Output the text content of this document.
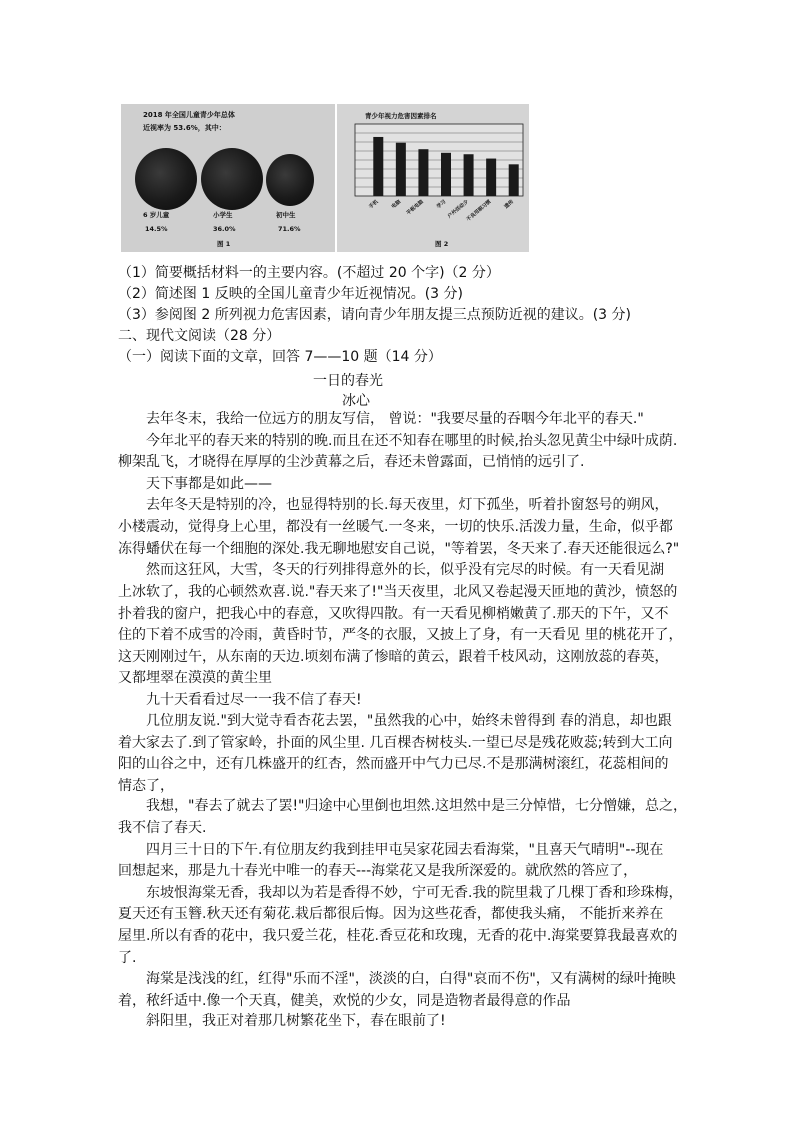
2018 年全国儿童青少年总体
近视率为 53.6%，其中：
6 岁儿童	小学生	初中生
14.5%	36.0%	71.6%
图 1
手机 电脑 平板电脑 学习 户外活动少
不良用眼习惯 遗传
青少年视力危害因素排名
图 2
（1）简要概括材料一的主要内容。(不超过 20 个字)（2 分）
（2）简述图 1 反映的全国儿童青少年近视情况。(3 分)
（3）参阅图 2 所列视力危害因素，请向青少年朋友提三点预防近视的建议。(3 分)
二、现代文阅读（28 分）
（一）阅读下面的文章，回答 7——10 题（14 分）
一日的春光
冰心
去年冬末，我给一位远方的朋友写信， 曾说："我要尽量的吞咽今年北平的春天."
今年北平的春天来的特别的晚.而且在还不知春在哪里的时候,抬头忽见黄尘中绿叶成荫.
柳架乱飞，才晓得在厚厚的尘沙黄幕之后，春还未曾露面，已悄悄的远引了.
天下事都是如此——
去年冬天是特别的冷，也显得特别的长.每天夜里，灯下孤坐，听着扑窗怒号的朔风，
小楼震动，觉得身上心里，都没有一丝暖气.一冬来，一切的快乐.活泼力量，生命，似乎都
冻得蟠伏在每一个细胞的深处.我无聊地慰安自己说，"等着罢，冬天来了.春天还能很远么?"
然而这狂风，大雪，冬天的行列排得意外的长，似乎没有完尽的时候。有一天看见湖
上冰软了，我的心顿然欢喜.说."春天来了!"当天夜里，北风又卷起漫天匝地的黄沙，愤怒的
扑着我的窗户，把我心中的春意，又吹得四散。有一天看见柳梢嫩黄了.那天的下午，又不
住的下着不成雪的冷雨，黄昏时节，严冬的衣服，又披上了身，有一天看见 里的桃花开了，
这天刚刚过午，从东南的天边.顷刻布满了惨暗的黄云，跟着千枝风动，这刚放蕊的春英，
又都埋翠在漠漠的黄尘里
九十天看看过尽一一我不信了春天!
几位朋友说."到大觉寺看杏花去罢，"虽然我的心中，始终未曾得到 春的消息，却也跟
着大家去了.到了管家岭，扑面的风尘里. 几百棵杏树枝头.一望已尽是残花败蕊;转到大工向
阳的山谷之中，还有几株盛开的红杏，然而盛开中气力已尽.不是那满树滚红，花蕊相间的
情态了，
我想，"春去了就去了罢!"归途中心里倒也坦然.这坦然中是三分悼惜，七分憎嫌，总之，
我不信了春天.
四月三十日的下午.有位朋友约我到挂甲屯吴家花园去看海棠，"且喜天气晴明"--现在
回想起来，那是九十春光中唯一的春天---海棠花又是我所深爱的。就欣然的答应了，
东坡恨海棠无香，我却以为若是香得不妙，宁可无香.我的院里栽了几棵丁香和珍珠梅，
夏天还有玉簪.秋天还有菊花.栽后都很后悔。因为这些花香，都使我头痛， 不能折来养在
屋里.所以有香的花中，我只爱兰花，桂花.香豆花和玫瑰，无香的花中.海棠要算我最喜欢的
了.
海棠是浅浅的红，红得"乐而不淫"，淡淡的白，白得"哀而不伤"，又有满树的绿叶掩映
着，秾纤适中.像一个天真，健美，欢悦的少女，同是造物者最得意的作品
斜阳里，我正对着那几树繁花坐下，春在眼前了!
